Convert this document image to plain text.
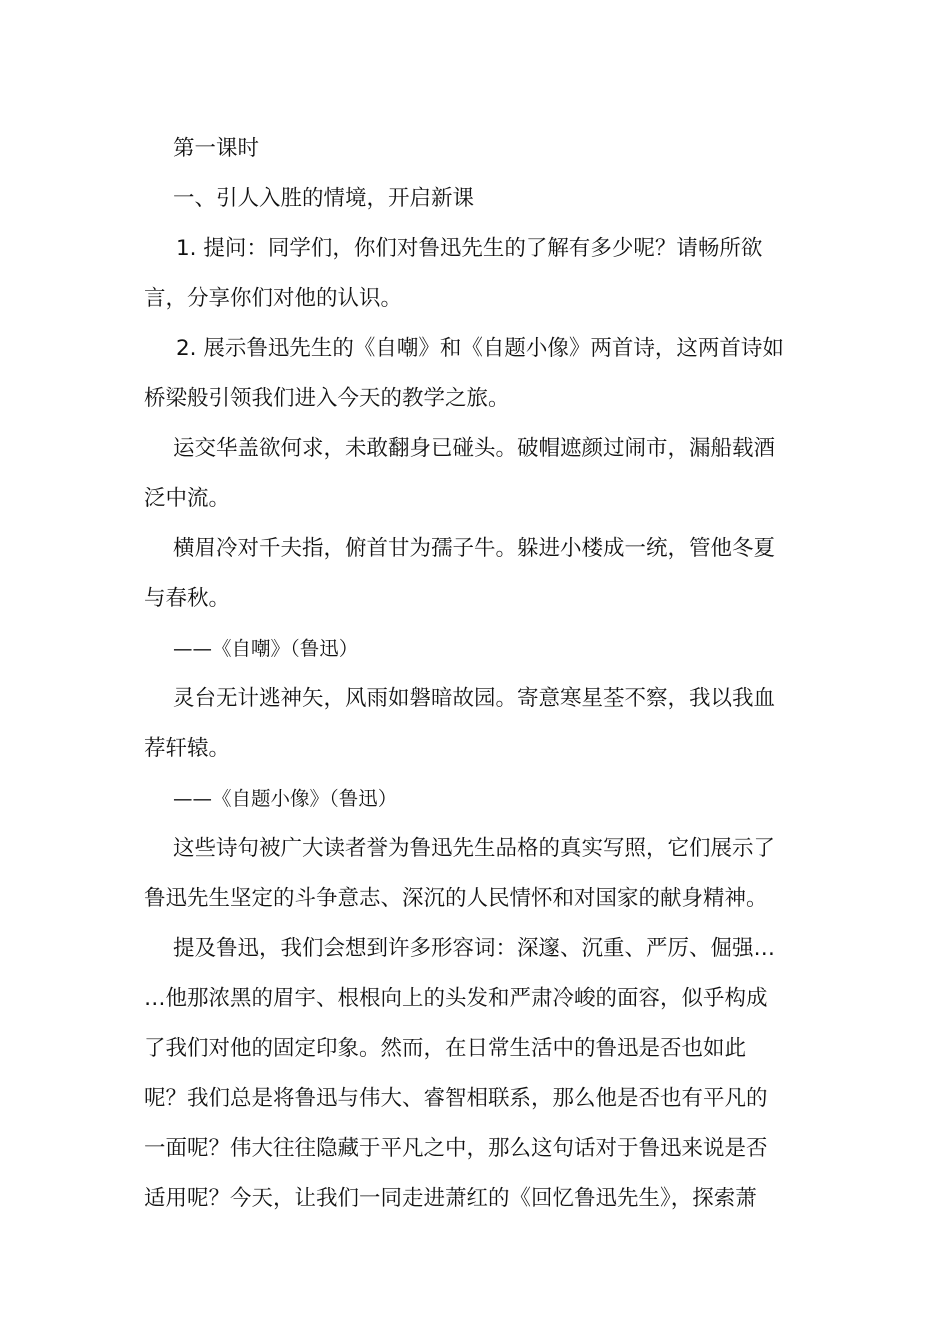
第一课时
一、引人入胜的情境，开启新课
1. 提问：同学们，你们对鲁迅先生的了解有多少呢？请畅所欲
言，分享你们对他的认识。
2. 展示鲁迅先生的《自嘲》和《自题小像》两首诗，这两首诗如
桥梁般引领我们进入今天的教学之旅。
运交华盖欲何求，未敢翻身已碰头。破帽遮颜过闹市，漏船载酒
泛中流。
横眉冷对千夫指，俯首甘为孺子牛。躲进小楼成一统，管他冬夏
与春秋。
——《自嘲》（鲁迅）
灵台无计逃神矢，风雨如磐暗故园。寄意寒星荃不察，我以我血
荐轩辕。
——《自题小像》（鲁迅）
这些诗句被广大读者誉为鲁迅先生品格的真实写照，它们展示了
鲁迅先生坚定的斗争意志、深沉的人民情怀和对国家的献身精神。
提及鲁迅，我们会想到许多形容词：深邃、沉重、严厉、倔强…
…他那浓黑的眉宇、根根向上的头发和严肃冷峻的面容，似乎构成
了我们对他的固定印象。然而，在日常生活中的鲁迅是否也如此
呢？我们总是将鲁迅与伟大、睿智相联系，那么他是否也有平凡的
一面呢？伟大往往隐藏于平凡之中，那么这句话对于鲁迅来说是否
适用呢？今天，让我们一同走进萧红的《回忆鲁迅先生》，探索萧
